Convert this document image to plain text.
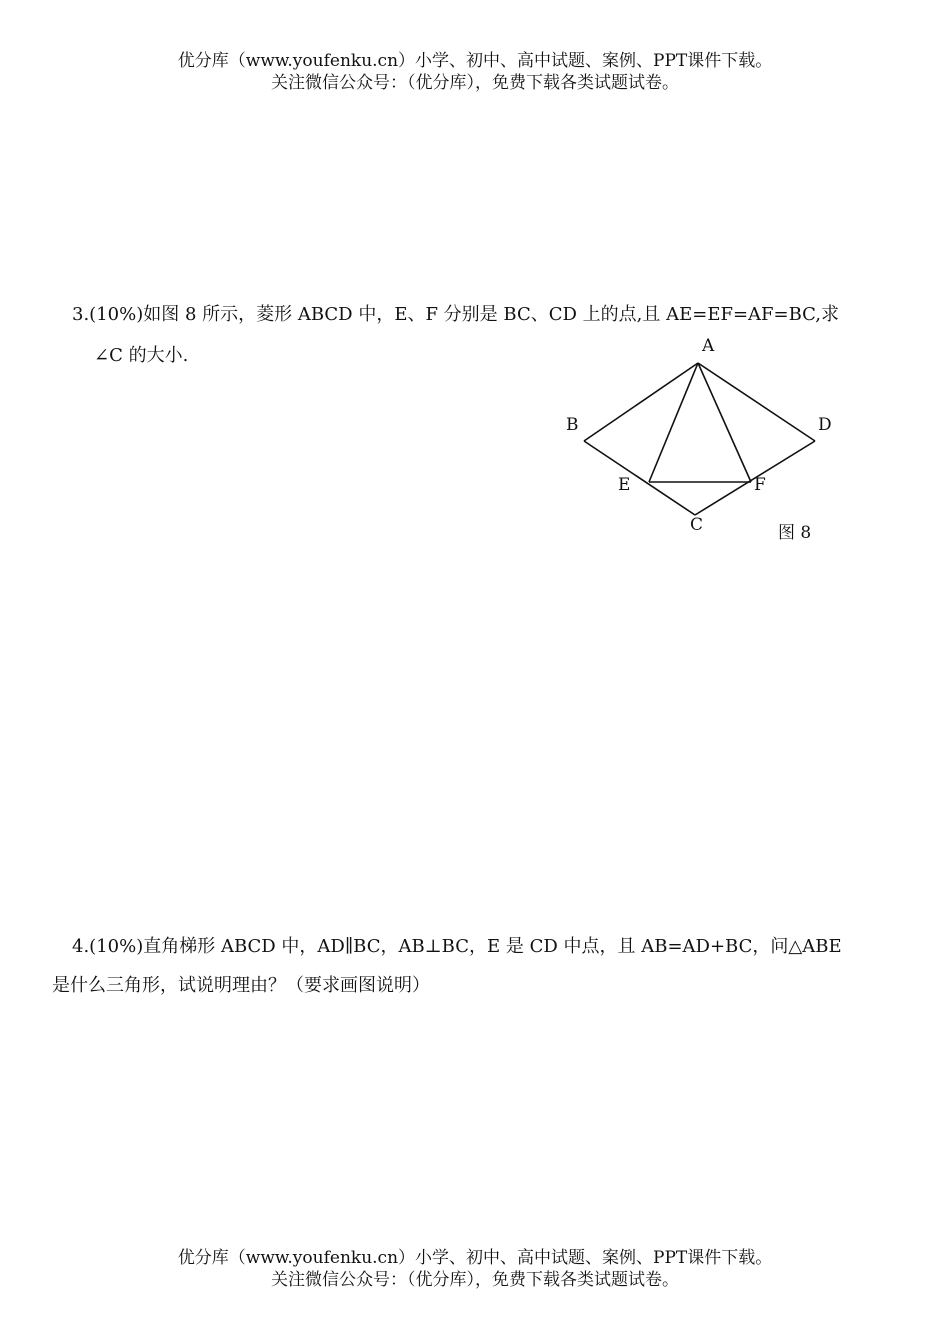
优分库（www.youfenku.cn）小学、初中、高中试题、案例、PPT课件下载。
关注微信公众号：（优分库），免费下载各类试题试卷。
3.(10%)如图 8 所示，菱形 ABCD 中，E、F 分别是 BC、CD 上的点,且 AE=EF=AF=BC,求
∠C 的大小.	A
B	D
E	F
C	图 8
4.(10%)直角梯形 ABCD 中，AD∥BC，AB⊥BC，E 是 CD 中点，且 AB=AD+BC，问△ABE
是什么三角形，试说明理由？（要求画图说明）
优分库（www.youfenku.cn）小学、初中、高中试题、案例、PPT课件下载。
关注微信公众号：（优分库），免费下载各类试题试卷。
